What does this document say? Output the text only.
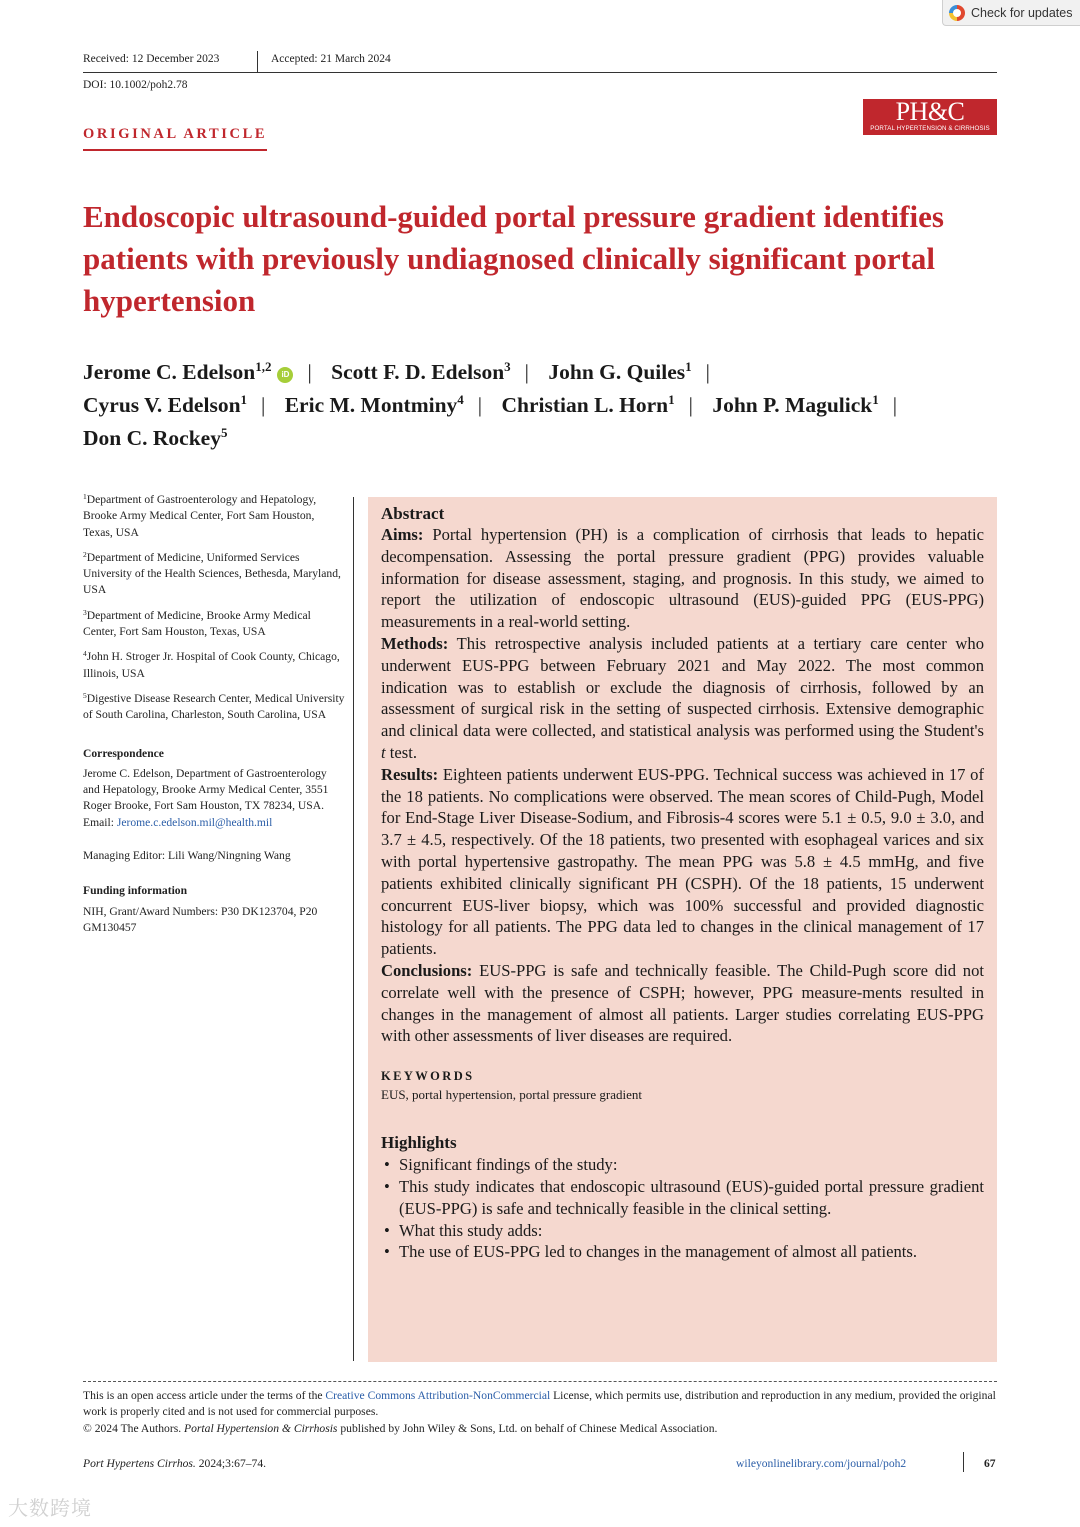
Check for updates
Received: 12 December 2023	Accepted: 21 March 2024
DOI: 10.1002/poh2.78
ORIGINAL ARTICLE
PH&C
PORTAL HYPERTENSION & CIRRHOSIS
Endoscopic ultrasound-guided portal pressure gradient identifies patients with previously undiagnosed clinically significant portal hypertension
Jerome C. Edelson$^{1,2}$iD | Scott F. D. Edelson$^3$ | John G. Quiles$^1$ |
Cyrus V. Edelson$^1$ | Eric M. Montminy$^4$ | Christian L. Horn$^1$ | John P. Magulick$^1$ |
Don C. Rockey$^5$

$^1$Department of Gastroenterology and Hepatology, Brooke Army Medical Center, Fort Sam Houston, Texas, USA

$^2$Department of Medicine, Uniformed Services University of the Health Sciences, Bethesda, Maryland, USA

$^3$Department of Medicine, Brooke Army Medical Center, Fort Sam Houston, Texas, USA

$^4$John H. Stroger Jr. Hospital of Cook County, Chicago, Illinois, USA

$^5$Digestive Disease Research Center, Medical University of South Carolina, Charleston, South Carolina, USA

Correspondence
Jerome C. Edelson, Department of Gastroenterology and Hepatology, Brooke Army Medical Center, 3551 Roger Brooke, Fort Sam Houston, TX 78234, USA.
Email: Jerome.c.edelson.mil@health.mil
Managing Editor: Lili Wang/Ningning Wang
Funding information
NIH, Grant/Award Numbers: P30 DK123704, P20 GM130457
Abstract

Aims: Portal hypertension (PH) is a complication of cirrhosis that leads to hepatic decompensation. Assessing the portal pressure gradient (PPG) provides valuable information for disease assessment, staging, and prognosis. In this study, we aimed to report the utilization of endoscopic ultrasound (EUS)-guided PPG (EUS-PPG) measurements in a real-world setting.

Methods: This retrospective analysis included patients at a tertiary care center who underwent EUS-PPG between February 2021 and May 2022. The most common indication was to establish or exclude the diagnosis of cirrhosis, followed by an assessment of surgical risk in the setting of suspected cirrhosis. Extensive demographic and clinical data were collected, and statistical analysis was performed using the Student's t test.

Results: Eighteen patients underwent EUS-PPG. Technical success was achieved in 17 of the 18 patients. No complications were observed. The mean scores of Child-Pugh, Model for End-Stage Liver Disease-Sodium, and Fibrosis-4 scores were 5.1 ± 0.5, 9.0 ± 3.0, and 3.7 ± 4.5, respectively. Of the 18 patients, two presented with esophageal varices and six with portal hypertensive gastropathy. The mean PPG was 5.8 ± 4.5 mmHg, and five patients exhibited clinically significant PH (CSPH). Of the 18 patients, 15 underwent concurrent EUS-liver biopsy, which was 100% successful and provided diagnostic histology for all patients. The PPG data led to changes in the clinical management of 17 patients.

Conclusions: EUS-PPG is safe and technically feasible. The Child-Pugh score did not correlate well with the presence of CSPH; however, PPG measure-ments resulted in changes in the management of almost all patients. Larger studies correlating EUS-PPG with other assessments of liver diseases are required.

KEYWORDS
EUS, portal hypertension, portal pressure gradient
Highlights
• Significant findings of the study:
• This study indicates that endoscopic ultrasound (EUS)-guided portal pressure gradient (EUS-PPG) is safe and technically feasible in the clinical setting.
• What this study adds:
• The use of EUS-PPG led to changes in the management of almost all patients.
This is an open access article under the terms of the Creative Commons Attribution-NonCommercial License, which permits use, distribution and reproduction in any medium, provided the original work is properly cited and is not used for commercial purposes.
© 2024 The Authors. Portal Hypertension & Cirrhosis published by John Wiley & Sons, Ltd. on behalf of Chinese Medical Association.
Port Hypertens Cirrhos. 2024;3:67–74.	wileyonlinelibrary.com/journal/poh2	67
大数跨境
